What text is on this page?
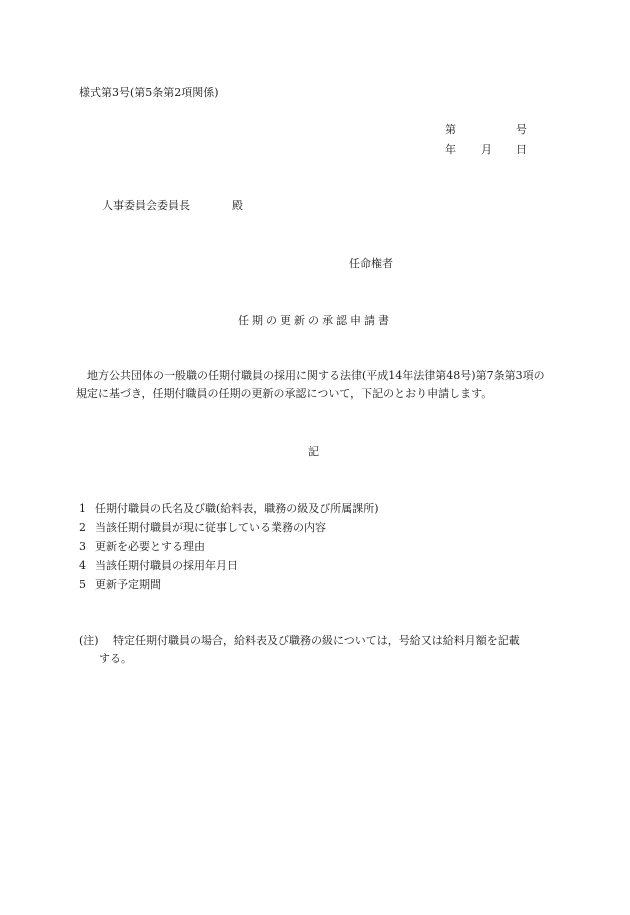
様式第3号(第5条第2項関係)
第	号
年 月 日
人事委員会委員長	殿
任命権者
任期の更新の承認申請書
地方公共団体の一般職の任期付職員の採用に関する法律(平成14年法律第48号)第7条第3項の規定に基づき，任期付職員の任期の更新の承認について，下記のとおり申請します。
記
1 任期付職員の氏名及び職(給料表，職務の級及び所属課所)
2 当該任期付職員が現に従事している業務の内容
3 更新を必要とする理由
4 当該任期付職員の採用年月日
5 更新予定期間
(注) 特定任期付職員の場合，給料表及び職務の級については，号給又は給料月額を記載
する。
